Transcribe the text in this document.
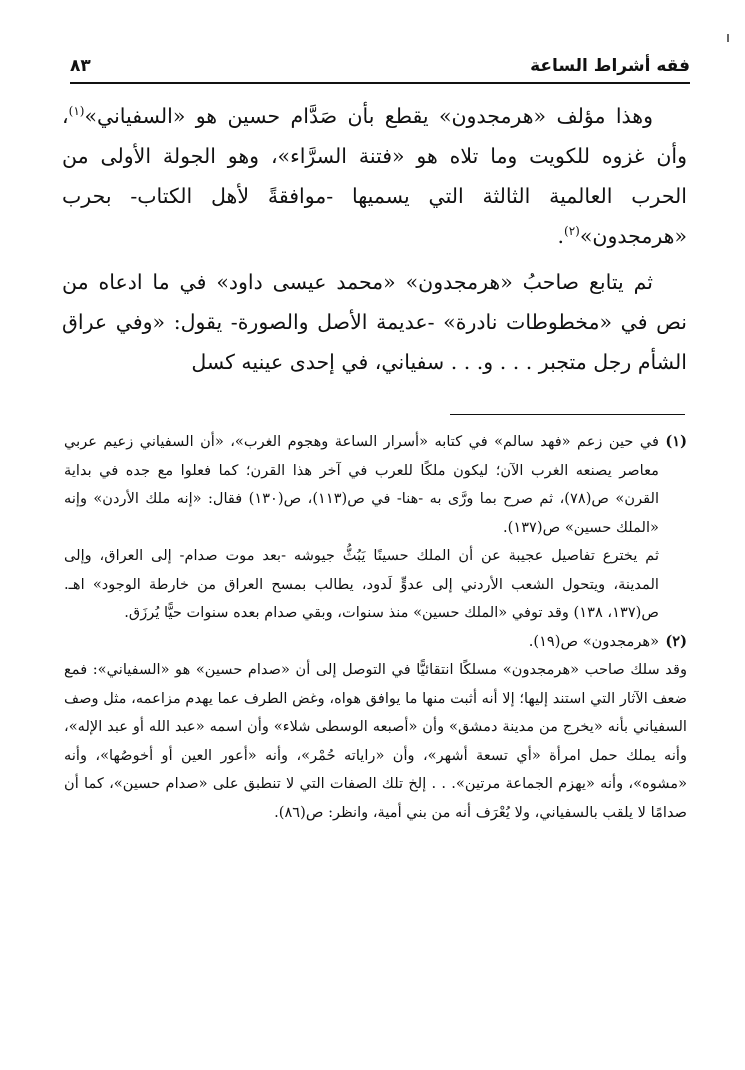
فقه أشراط الساعة
٨٣

وهذا مؤلف «هرمجدون» يقطع بأن صَدَّام حسين هو «السفياني»$^{(١)}$، وأن غزوه للكويت وما تلاه هو «فتنة السرَّاء»، وهو الجولة الأولى من الحرب العالمية الثالثة التي يسميها -موافقةً لأهل الكتاب- بحرب «هرمجدون»$^{(٢)}$.

ثم يتابع صاحبُ «هرمجدون» «محمد عيسى داود» في ما ادعاه من نص في «مخطوطات نادرة» -عديمة الأصل والصورة- يقول: «وفي عراق الشأم رجل متجبر . . . و. . . سفياني، في إحدى عينيه كسل

(١)

في حين زعم «فهد سالم» في كتابه «أسرار الساعة وهجوم الغرب»، «أن السفياني زعيم عربي معاصر يصنعه الغرب الآن؛ ليكون ملكًا للعرب في آخر هذا القرن؛ كما فعلوا مع جده في بداية القرن» ص(٧٨)، ثم صرح بما ورَّى به -هنا- في ص(١١٣)، ص(١٣٠) فقال: «إنه ملك الأردن» وإنه «الملك حسين» ص(١٣٧).

ثم يخترع تفاصيل عجيبة عن أن الملك حسينًا يَبُثُّ جيوشه -بعد موت صدام- إلى العراق، وإلى المدينة، ويتحول الشعب الأردني إلى عدوٍّ لَدود، يطالب بمسح العراق من خارطة الوجود» اهـ. ص(١٣٧، ١٣٨) وقد توفي «الملك حسين» منذ سنوات، وبقي صدام بعده سنوات حيًّا يُرزَق.

(٢)

«هرمجدون» ص(١٩).

وقد سلك صاحب «هرمجدون» مسلكًا انتقائيًّا في التوصل إلى أن «صدام حسين» هو «السفياني»: فمع ضعف الآثار التي استند إليها؛ إلا أنه أثبت منها ما يوافق هواه، وغض الطرف عما يهدم مزاعمه، مثل وصف السفياني بأنه «يخرج من مدينة دمشق» وأن «أصبعه الوسطى شلاء» وأن اسمه «عبد الله أو عبد الإله»، وأنه يملك حمل امرأة «أي تسعة أشهر»، وأن «راياته حُمْر»، وأنه «أعور العين أو أخوصُها»، وأنه «مشوه»، وأنه «يهزم الجماعة مرتين». . . إلخ تلك الصفات التي لا تنطبق على «صدام حسين»، كما أن صدامًا لا يلقب بالسفياني، ولا يُعْرَف أنه من بني أمية، وانظر: ص(٨٦).
